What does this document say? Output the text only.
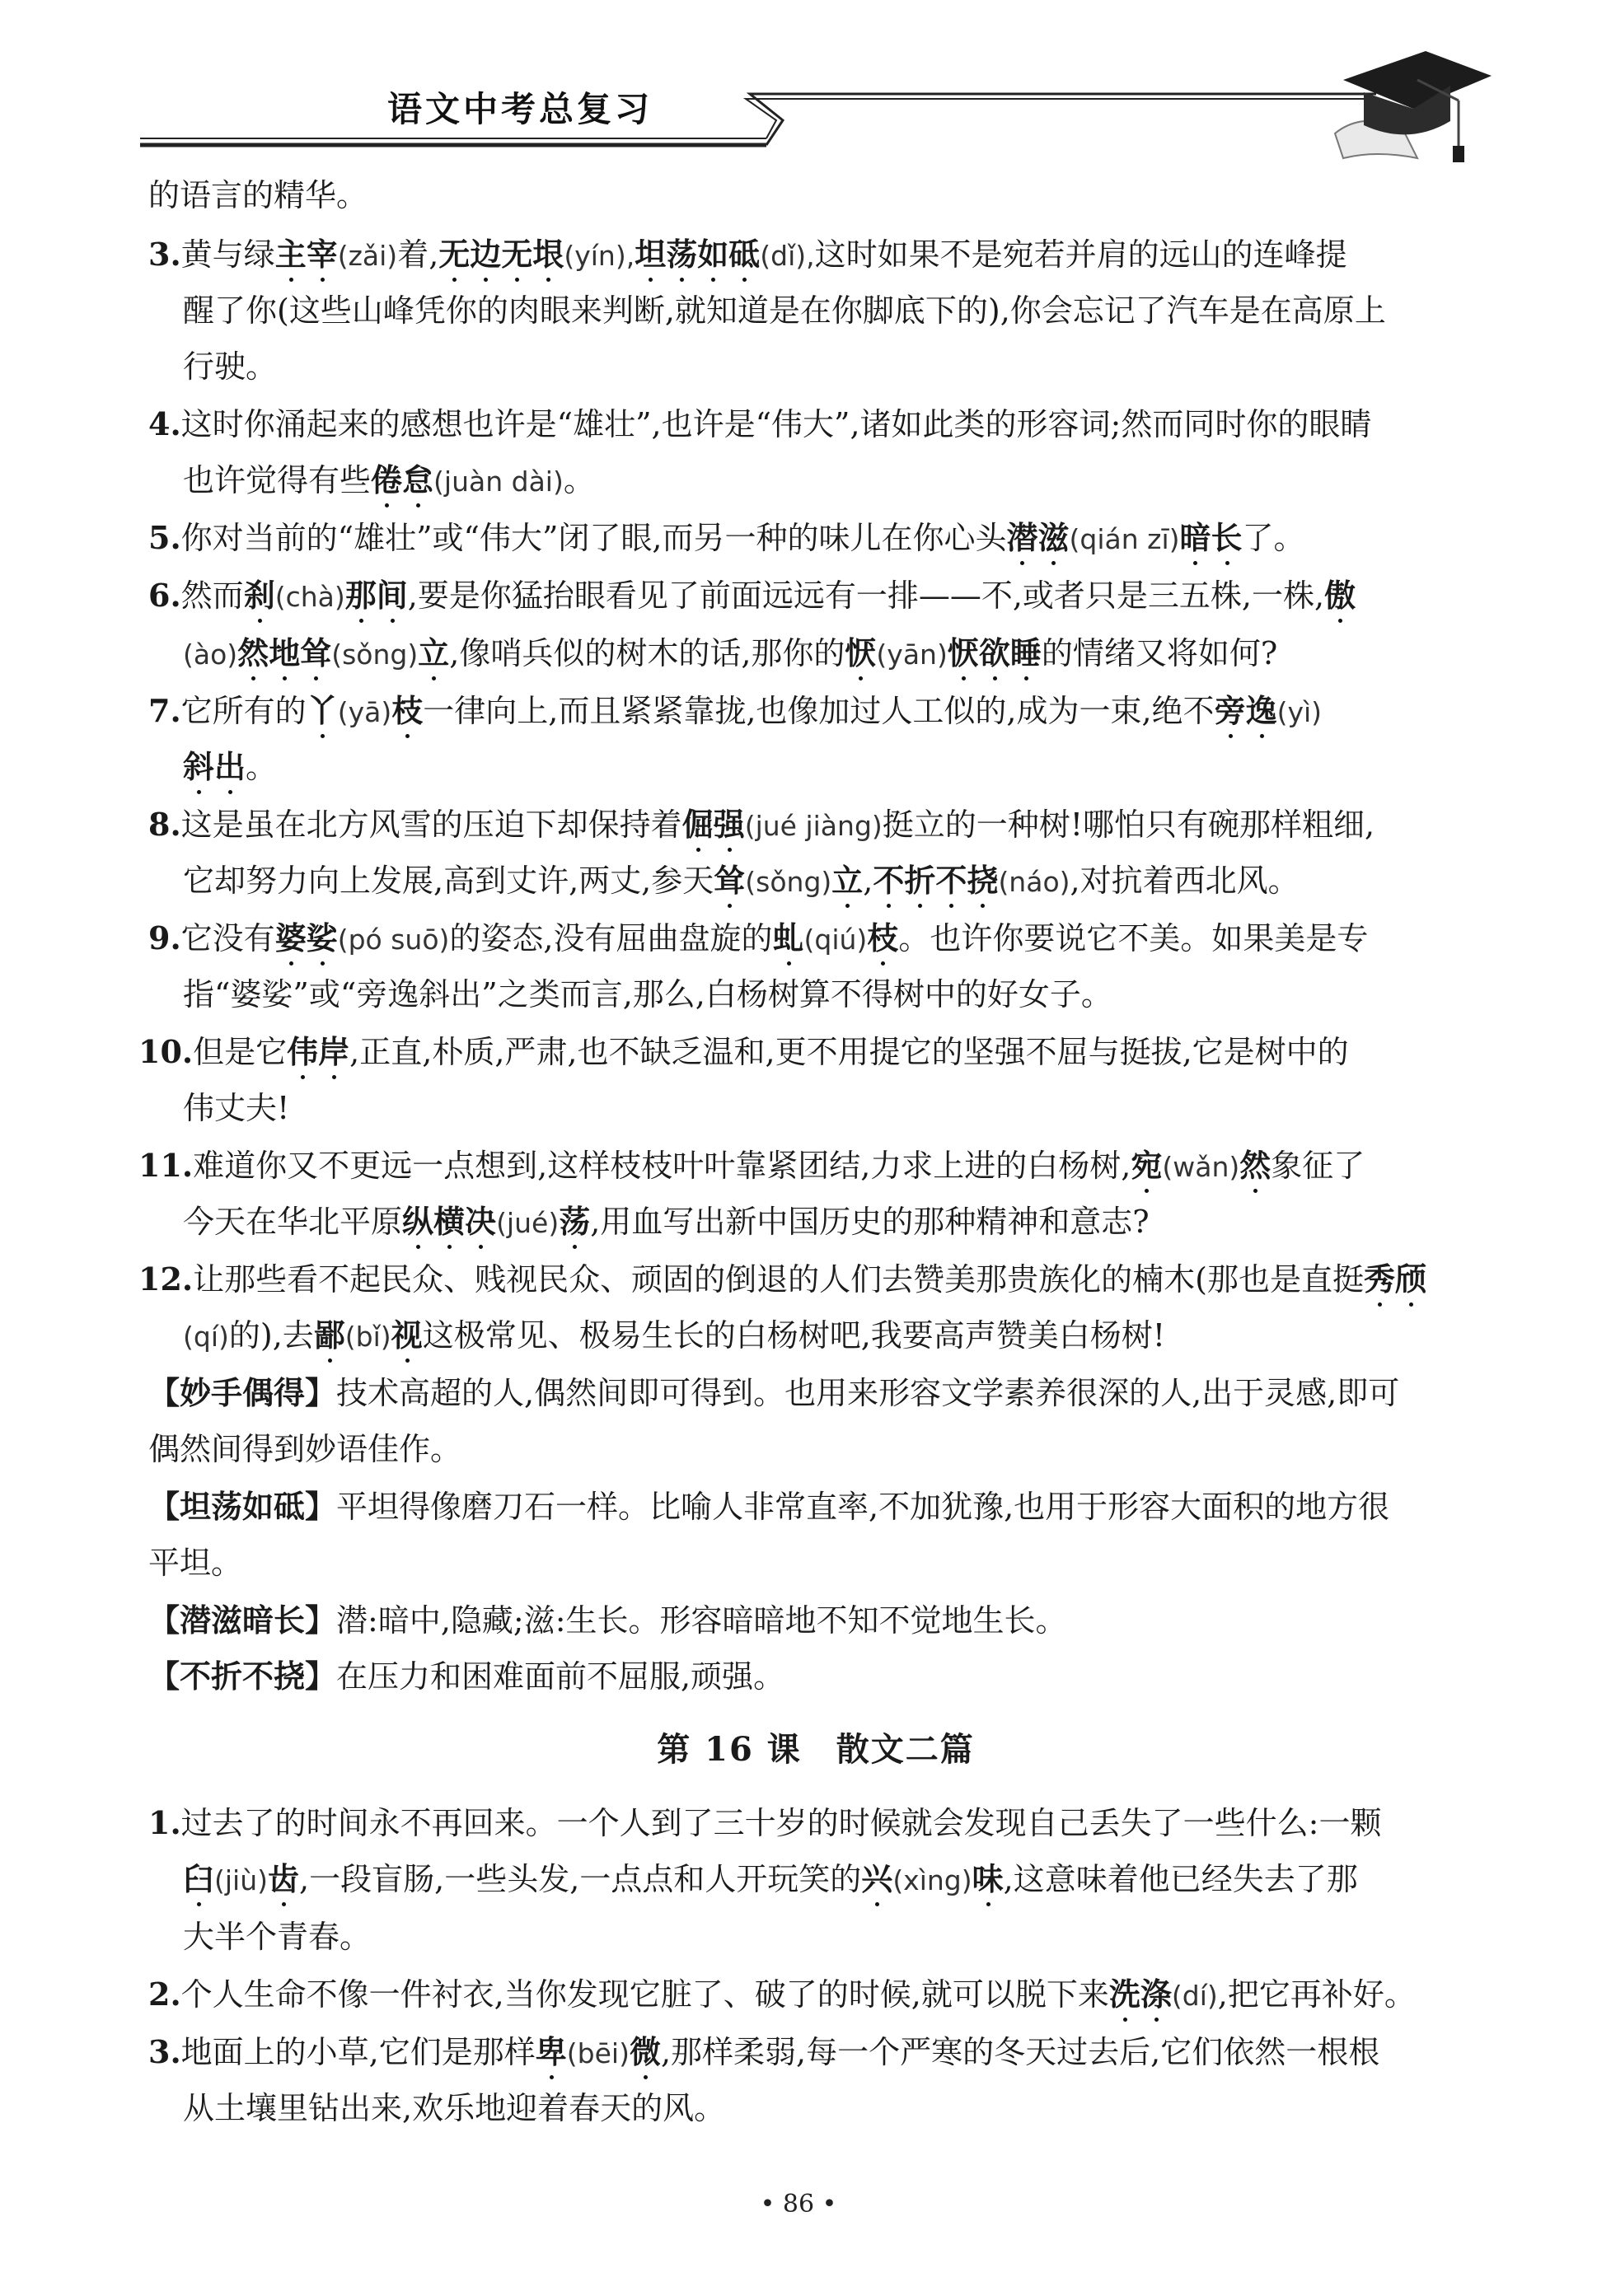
语文中考总复习
的语言的精华。
3.黄与绿主宰(zǎi)着,无边无垠(yín),坦荡如砥(dǐ),这时如果不是宛若并肩的远山的连峰提
醒了你(这些山峰凭你的肉眼来判断,就知道是在你脚底下的),你会忘记了汽车是在高原上
行驶。
4.这时你涌起来的感想也许是“雄壮”,也许是“伟大”,诸如此类的形容词;然而同时你的眼睛
也许觉得有些倦怠(juàn dài)。
5.你对当前的“雄壮”或“伟大”闭了眼,而另一种的味儿在你心头潜滋(qián zī)暗长了。
6.然而刹(chà)那间,要是你猛抬眼看见了前面远远有一排——不,或者只是三五株,一株,傲
(ào)然地耸(sǒng)立,像哨兵似的树木的话,那你的恹(yān)恹欲睡的情绪又将如何?
7.它所有的丫(yā)枝一律向上,而且紧紧靠拢,也像加过人工似的,成为一束,绝不旁逸(yì)
斜出。
8.这是虽在北方风雪的压迫下却保持着倔强(jué jiàng)挺立的一种树!哪怕只有碗那样粗细,
它却努力向上发展,高到丈许,两丈,参天耸(sǒng)立,不折不挠(náo),对抗着西北风。
9.它没有婆娑(pó suō)的姿态,没有屈曲盘旋的虬(qiú)枝。也许你要说它不美。如果美是专
指“婆娑”或“旁逸斜出”之类而言,那么,白杨树算不得树中的好女子。
10.但是它伟岸,正直,朴质,严肃,也不缺乏温和,更不用提它的坚强不屈与挺拔,它是树中的
伟丈夫!
11.难道你又不更远一点想到,这样枝枝叶叶靠紧团结,力求上进的白杨树,宛(wǎn)然象征了
今天在华北平原纵横决(jué)荡,用血写出新中国历史的那种精神和意志?
12.让那些看不起民众、贱视民众、顽固的倒退的人们去赞美那贵族化的楠木(那也是直挺秀颀
(qí)的),去鄙(bǐ)视这极常见、极易生长的白杨树吧,我要高声赞美白杨树!
【妙手偶得】技术高超的人,偶然间即可得到。也用来形容文学素养很深的人,出于灵感,即可
偶然间得到妙语佳作。
【坦荡如砥】平坦得像磨刀石一样。比喻人非常直率,不加犹豫,也用于形容大面积的地方很
平坦。
【潜滋暗长】潜:暗中,隐藏;滋:生长。形容暗暗地不知不觉地生长。
【不折不挠】在压力和困难面前不屈服,顽强。
第 16 课　散文二篇
1.过去了的时间永不再回来。一个人到了三十岁的时候就会发现自己丢失了一些什么:一颗
臼(jiù)齿,一段盲肠,一些头发,一点点和人开玩笑的兴(xìng)味,这意味着他已经失去了那
大半个青春。
2.个人生命不像一件衬衣,当你发现它脏了、破了的时候,就可以脱下来洗涤(dí),把它再补好。
3.地面上的小草,它们是那样卑(bēi)微,那样柔弱,每一个严寒的冬天过去后,它们依然一根根
从土壤里钻出来,欢乐地迎着春天的风。
• 86 •
